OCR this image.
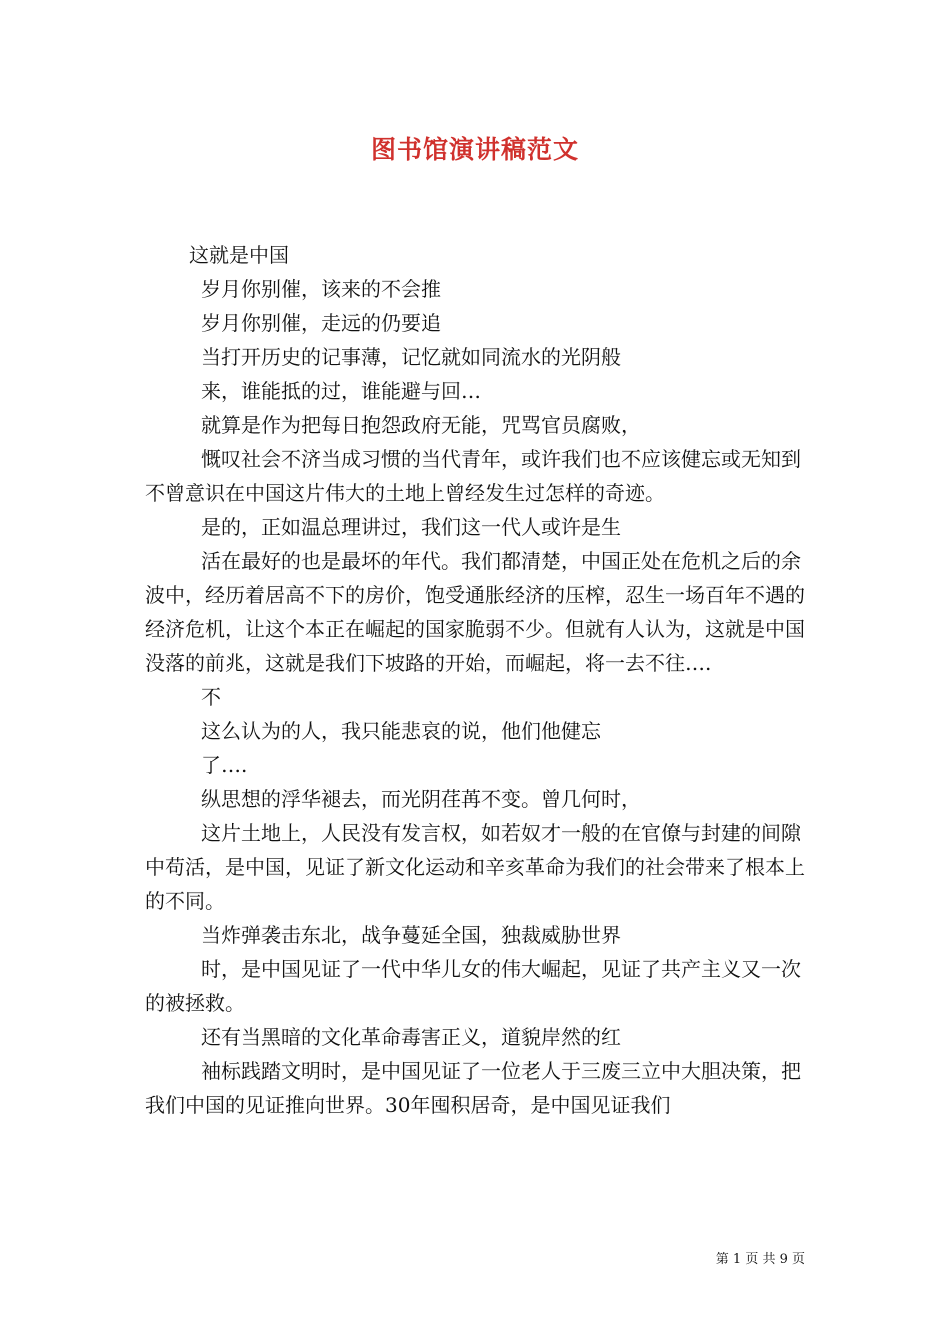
图书馆演讲稿范文

这就是中国

岁月你别催，该来的不会推

岁月你别催，走远的仍要追

当打开历史的记事薄，记忆就如同流水的光阴般

来，谁能抵的过，谁能避与回…

就算是作为把每日抱怨政府无能，咒骂官员腐败，

慨叹社会不济当成习惯的当代青年，或许我们也不应该健忘或无知到不曾意识在中国这片伟大的土地上曾经发生过怎样的奇迹。

是的，正如温总理讲过，我们这一代人或许是生

活在最好的也是最坏的年代。我们都清楚，中国正处在危机之后的余波中，经历着居高不下的房价，饱受通胀经济的压榨，忍生一场百年不遇的经济危机，让这个本正在崛起的国家脆弱不少。但就有人认为，这就是中国没落的前兆，这就是我们下坡路的开始，而崛起，将一去不往….

不

这么认为的人，我只能悲哀的说，他们他健忘

了….

纵思想的浮华褪去，而光阴荏苒不变。曾几何时，

这片土地上，人民没有发言权，如若奴才一般的在官僚与封建的间隙中苟活，是中国，见证了新文化运动和辛亥革命为我们的社会带来了根本上的不同。

当炸弹袭击东北，战争蔓延全国，独裁威胁世界

时，是中国见证了一代中华儿女的伟大崛起，见证了共产主义又一次的被拯救。

还有当黑暗的文化革命毒害正义，道貌岸然的红

袖标践踏文明时，是中国见证了一位老人于三废三立中大胆决策，把我们中国的见证推向世界。30年囤积居奇，是中国见证我们

第 1 页 共 9 页
